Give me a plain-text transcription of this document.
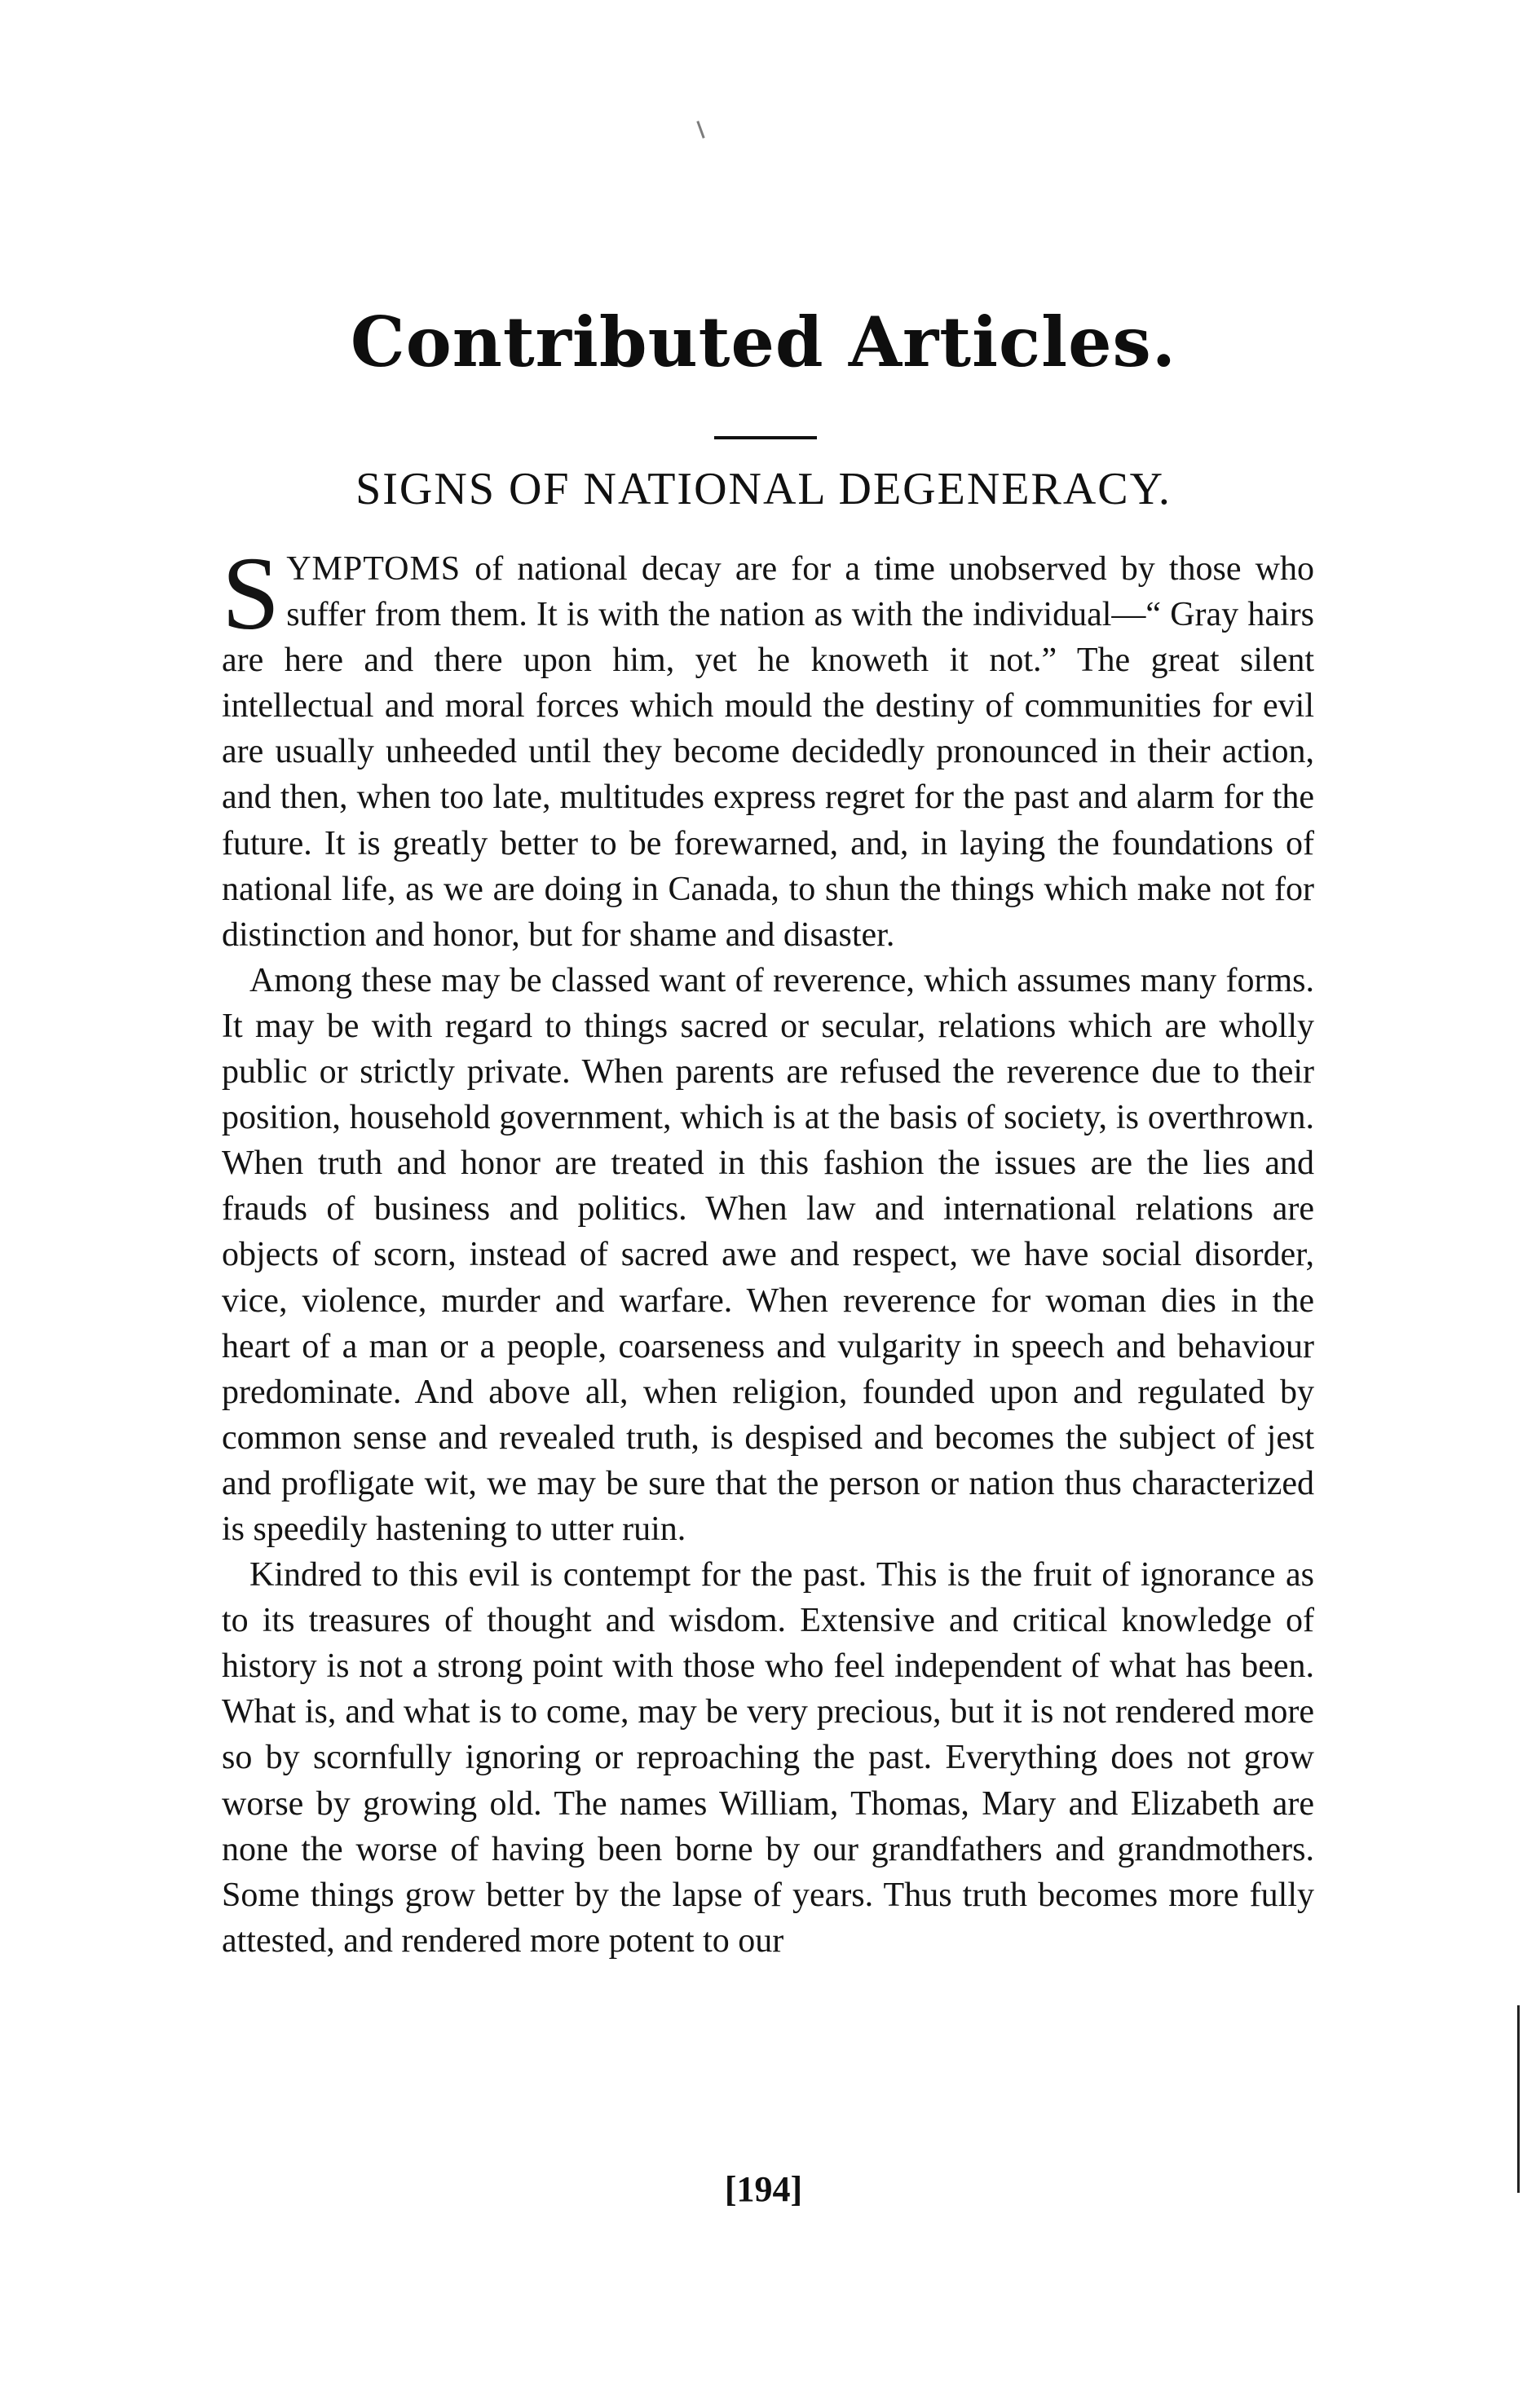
Contributed Articles.
SIGNS OF NATIONAL DEGENERACY.

SYMPTOMS of national decay are for a time unobserved by those who suffer from them. It is with the nation as with the individual—“ Gray hairs are here and there upon him, yet he knoweth it not.” The great silent intellectual and moral forces which mould the destiny of communities for evil are usually unheeded until they become decidedly pronounced in their action, and then, when too late, multitudes express regret for the past and alarm for the future. It is greatly better to be forewarned, and, in laying the foundations of national life, as we are doing in Canada, to shun the things which make not for distinction and honor, but for shame and disaster.

Among these may be classed want of reverence, which assumes many forms. It may be with regard to things sacred or secular, relations which are wholly public or strictly private. When parents are refused the reverence due to their position, household government, which is at the basis of society, is overthrown. When truth and honor are treated in this fashion the issues are the lies and frauds of business and politics. When law and international relations are objects of scorn, instead of sacred awe and respect, we have social disorder, vice, violence, murder and warfare. When reverence for woman dies in the heart of a man or a people, coarseness and vulgarity in speech and behaviour predominate. And above all, when religion, founded upon and regulated by common sense and revealed truth, is despised and becomes the subject of jest and profligate wit, we may be sure that the person or nation thus characterized is speedily hastening to utter ruin.

Kindred to this evil is contempt for the past. This is the fruit of ignorance as to its treasures of thought and wisdom. Extensive and critical knowledge of history is not a strong point with those who feel independent of what has been. What is, and what is to come, may be very precious, but it is not rendered more so by scornfully ignoring or reproaching the past. Everything does not grow worse by growing old. The names William, Thomas, Mary and Elizabeth are none the worse of having been borne by our grandfathers and grandmothers. Some things grow better by the lapse of years. Thus truth becomes more fully attested, and rendered more potent to our

[194]
